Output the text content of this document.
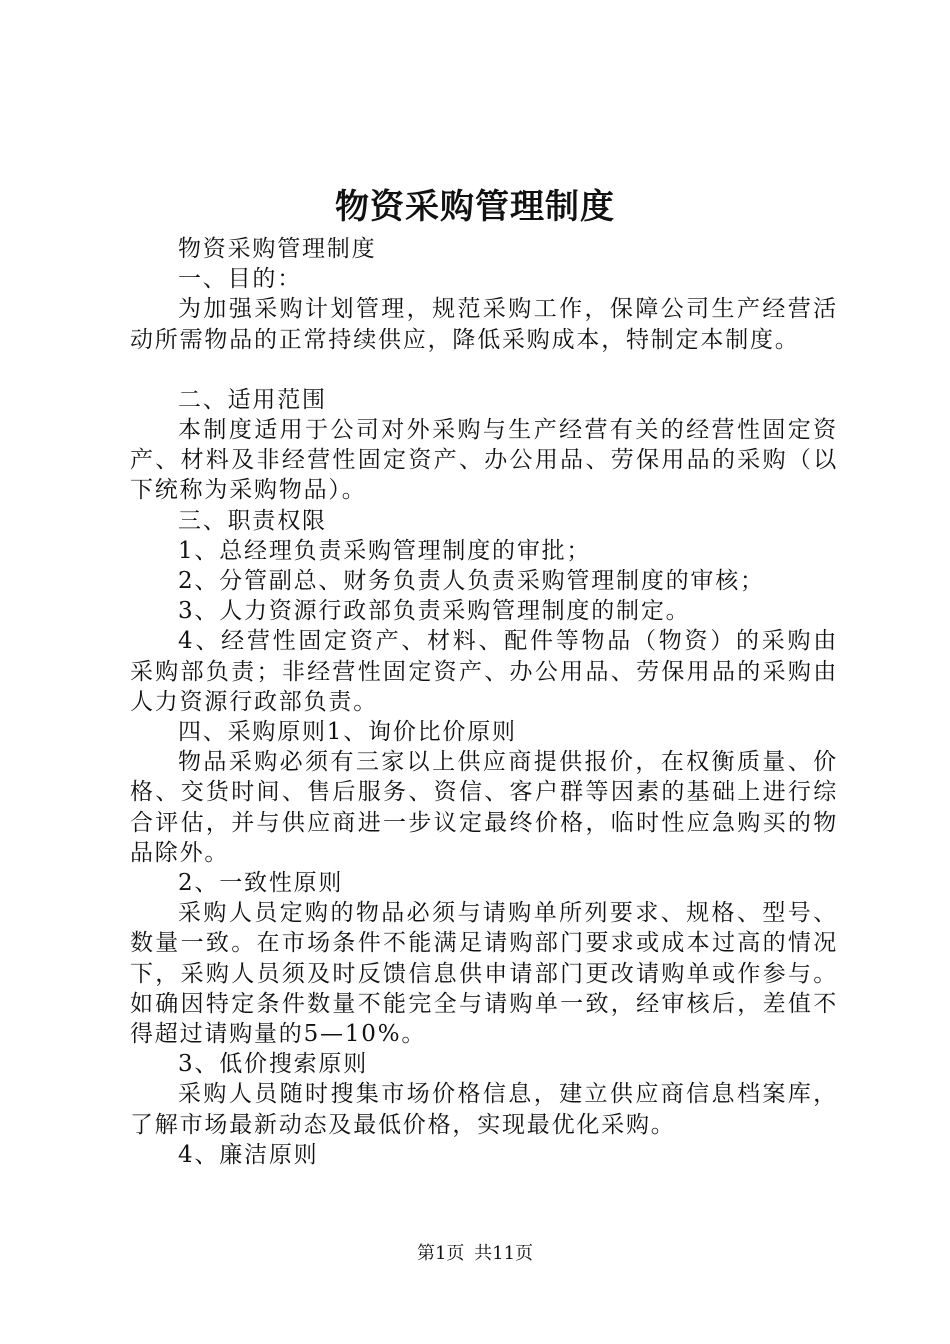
物资采购管理制度

物资采购管理制度

一、目的：

为加强采购计划管理，规范采购工作，保障公司生产经营活动所需物品的正常持续供应，降低采购成本，特制定本制度。

二、适用范围

本制度适用于公司对外采购与生产经营有关的经营性固定资产、材料及非经营性固定资产、办公用品、劳保用品的采购（以下统称为采购物品）。

三、职责权限

1、总经理负责采购管理制度的审批；

2、分管副总、财务负责人负责采购管理制度的审核；

3、人力资源行政部负责采购管理制度的制定。

4、经营性固定资产、材料、配件等物品（物资）的采购由采购部负责；非经营性固定资产、办公用品、劳保用品的采购由人力资源行政部负责。

四、采购原则1、询价比价原则

物品采购必须有三家以上供应商提供报价，在权衡质量、价格、交货时间、售后服务、资信、客户群等因素的基础上进行综合评估，并与供应商进一步议定最终价格，临时性应急购买的物品除外。

2、一致性原则

采购人员定购的物品必须与请购单所列要求、规格、型号、数量一致。在市场条件不能满足请购部门要求或成本过高的情况下，采购人员须及时反馈信息供申请部门更改请购单或作参与。如确因特定条件数量不能完全与请购单一致，经审核后，差值不得超过请购量的5—10%。

3、低价搜索原则

采购人员随时搜集市场价格信息，建立供应商信息档案库，了解市场最新动态及最低价格，实现最优化采购。

4、廉洁原则

第1页 共11页
